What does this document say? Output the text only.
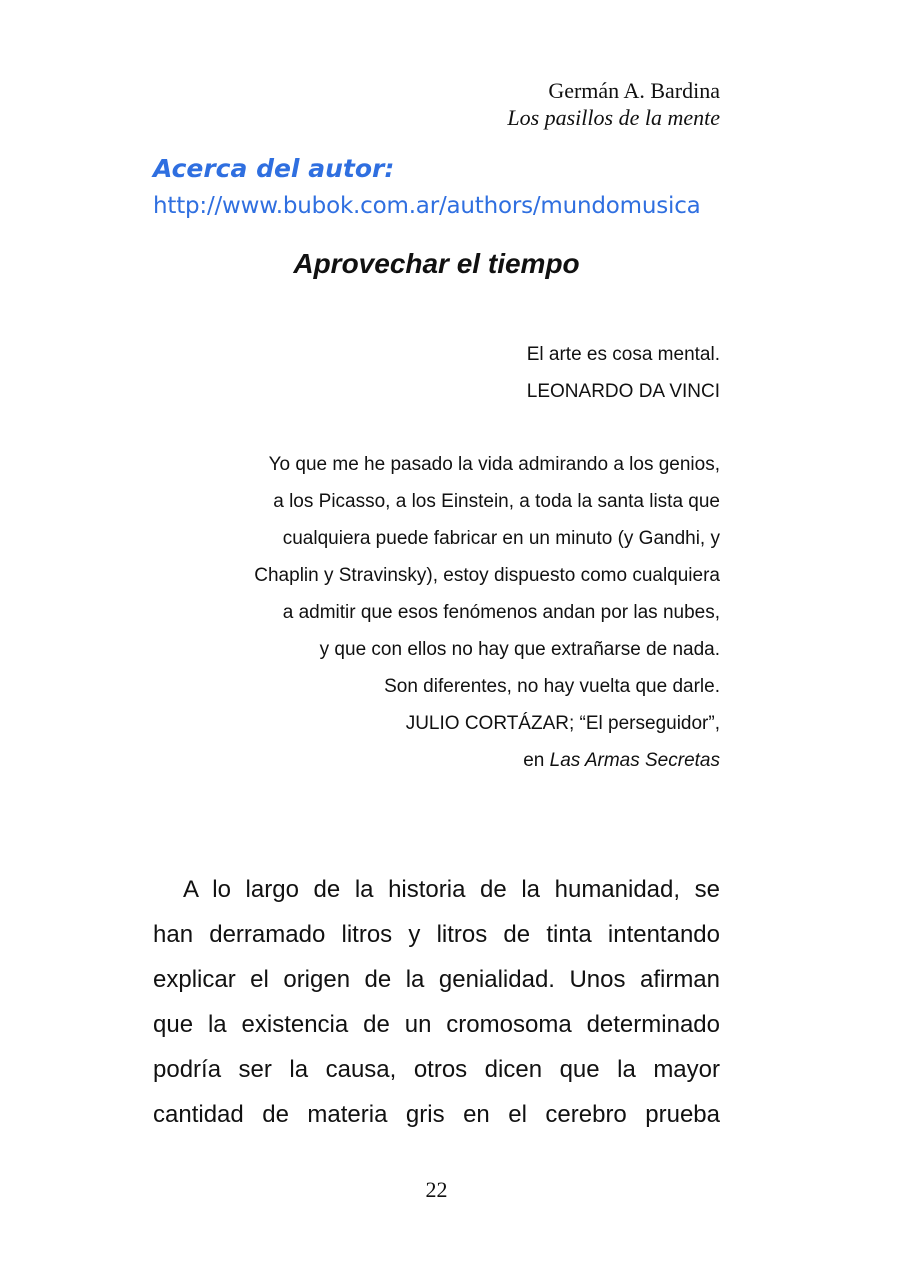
Germán A. Bardina
Los pasillos de la mente

Acerca del autor:

http://www.bubok.com.ar/authors/mundomusica
Aprovechar el tiempo

El arte es cosa mental.

LEONARDO DA VINCI

Yo que me he pasado la vida admirando a los genios,

a los Picasso, a los Einstein, a toda la santa lista que

cualquiera puede fabricar en un minuto (y Gandhi, y

Chaplin y Stravinsky), estoy dispuesto como cualquiera

a admitir que esos fenómenos andan por las nubes,

y que con ellos no hay que extrañarse de nada.

Son diferentes, no hay vuelta que darle.

JULIO CORTÁZAR; “El perseguidor”,

en Las Armas Secretas

A lo largo de la historia de la humanidad, se
han derramado litros y litros de tinta intentando
explicar el origen de la genialidad. Unos afirman
que la existencia de un cromosoma determinado
podría ser la causa, otros dicen que la mayor
cantidad de materia gris en el cerebro prueba
22
